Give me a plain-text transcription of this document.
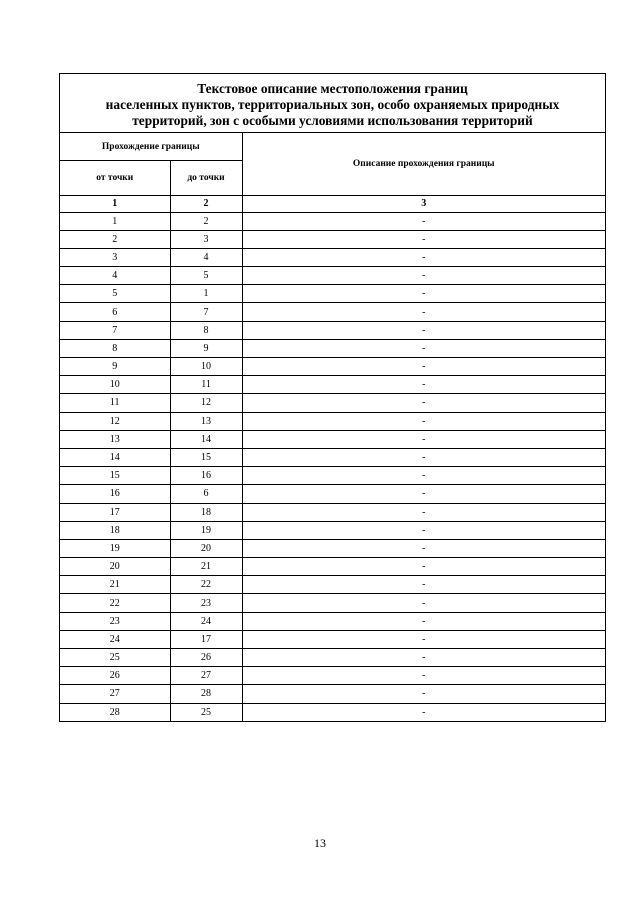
Текстовое описание местоположения границ
населенных пунктов, территориальных зон, особо охраняемых природных
территорий, зон с особыми условиями использования территорий
Прохождение границы		Описание прохождения границы
от точки	до точки	
1	2	3
1	2	-
2	3	-
3	4	-
4	5	-
5	1	-
6	7	-
7	8	-
8	9	-
9	10	-
10	11	-
11	12	-
12	13	-
13	14	-
14	15	-
15	16	-
16	6	-
17	18	-
18	19	-
19	20	-
20	21	-
21	22	-
22	23	-
23	24	-
24	17	-
25	26	-
26	27	-
27	28	-
28	25	-
13
